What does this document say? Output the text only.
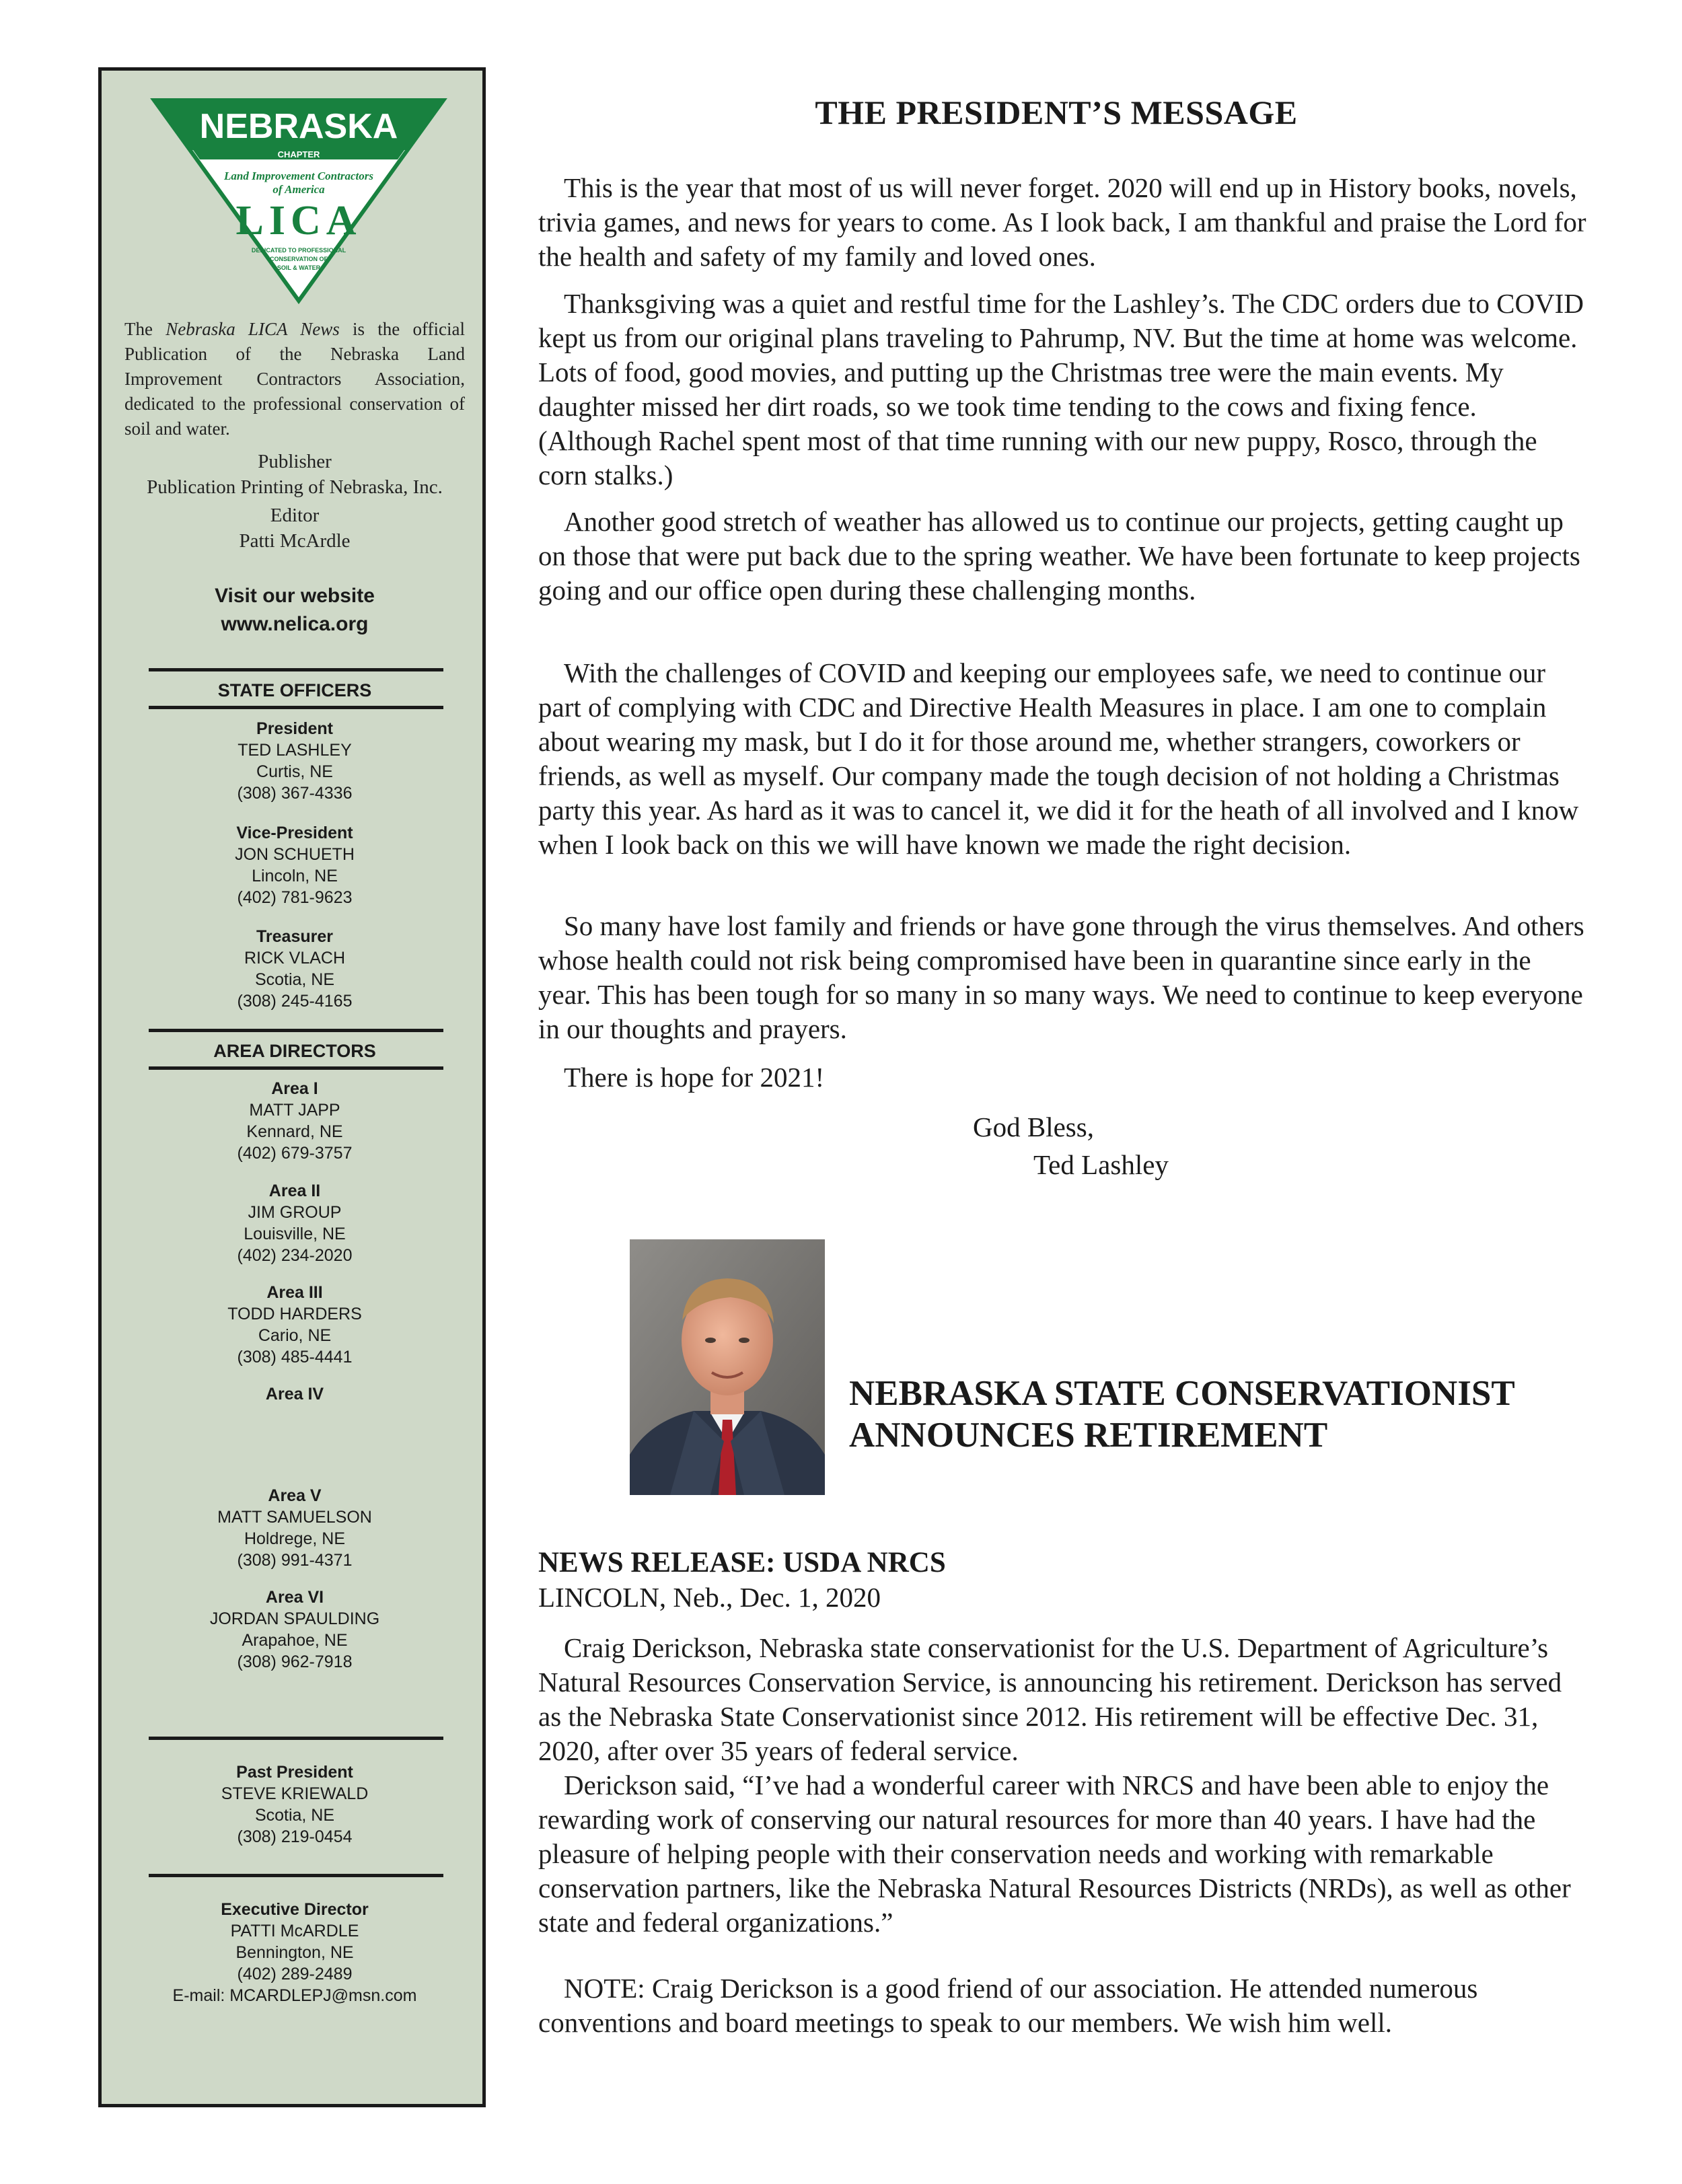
NEBRASKA
CHAPTER
Land Improvement Contractors
of America
LICA
DEDICATED TO PROFESSIONAL
CONSERVATION OF
SOIL & WATER
The Nebraska LICA News is the official Publication of the Nebraska Land Improvement Contractors Association, dedicated to the professional conservation of soil and water.
Publisher
Publication Printing of Nebraska, Inc.
Editor
Patti McArdle
Visit our website
www.nelica.org
STATE OFFICERS
President
TED LASHLEY
Curtis, NE
(308) 367-4336
Vice-President
JON SCHUETH
Lincoln, NE
(402) 781-9623
Treasurer
RICK VLACH
Scotia, NE
(308) 245-4165
AREA DIRECTORS
Area I
MATT JAPP
Kennard, NE
(402) 679-3757
Area II
JIM GROUP
Louisville, NE
(402) 234-2020
Area III
TODD HARDERS
Cario, NE
(308) 485-4441
Area IV
Area V
MATT SAMUELSON
Holdrege, NE
(308) 991-4371
Area VI
JORDAN SPAULDING
Arapahoe, NE
(308) 962-7918
Past President
STEVE KRIEWALD
Scotia, NE
(308) 219-0454
Executive Director
PATTI McARDLE
Bennington, NE
(402) 289-2489
E-mail: MCARDLEPJ@msn.com
THE PRESIDENT’S MESSAGE

This is the year that most of us will never forget. 2020 will end up in History books, novels, trivia games, and news for years to come. As I look back, I am thankful and praise the Lord for the health and safety of my family and loved ones.

Thanksgiving was a quiet and restful time for the Lashley’s. The CDC orders due to COVID kept us from our original plans traveling to Pahrump, NV. But the time at home was welcome. Lots of food, good movies, and putting up the Christmas tree were the main events. My daughter missed her dirt roads, so we took time tending to the cows and fixing fence. (Although Rachel spent most of that time running with our new puppy, Rosco, through the corn stalks.)

Another good stretch of weather has allowed us to continue our projects, getting caught up on those that were put back due to the spring weather. We have been fortunate to keep projects going and our office open during these challenging months.

With the challenges of COVID and keeping our employees safe, we need to continue our part of complying with CDC and Directive Health Measures in place. I am one to complain about wearing my mask, but I do it for those around me, whether strangers, coworkers or friends, as well as myself. Our company made the tough decision of not holding a Christmas party this year. As hard as it was to cancel it, we did it for the heath of all involved and I know when I look back on this we will have known we made the right decision.

So many have lost family and friends or have gone through the virus themselves. And others whose health could not risk being compromised have been in quarantine since early in the year. This has been tough for so many in so many ways. We need to continue to keep everyone in our thoughts and prayers.

There is hope for 2021!

God Bless,
Ted Lashley
NEBRASKA STATE CONSERVATIONIST
ANNOUNCES RETIREMENT
NEWS RELEASE: USDA NRCS
LINCOLN, Neb., Dec. 1, 2020

Craig Derickson, Nebraska state conservationist for the U.S. Department of Agriculture’s Natural Resources Conservation Service, is announcing his retirement. Derickson has served as the Nebraska State Conservationist since 2012. His retirement will be effective Dec. 31, 2020, after over 35 years of federal service.

Derickson said, “I’ve had a wonderful career with NRCS and have been able to enjoy the rewarding work of conserving our natural resources for more than 40 years. I have had the pleasure of helping people with their conservation needs and working with remarkable conservation partners, like the Nebraska Natural Resources Districts (NRDs), as well as other state and federal organizations.”

NOTE: Craig Derickson is a good friend of our association. He attended numerous conventions and board meetings to speak to our members. We wish him well.
